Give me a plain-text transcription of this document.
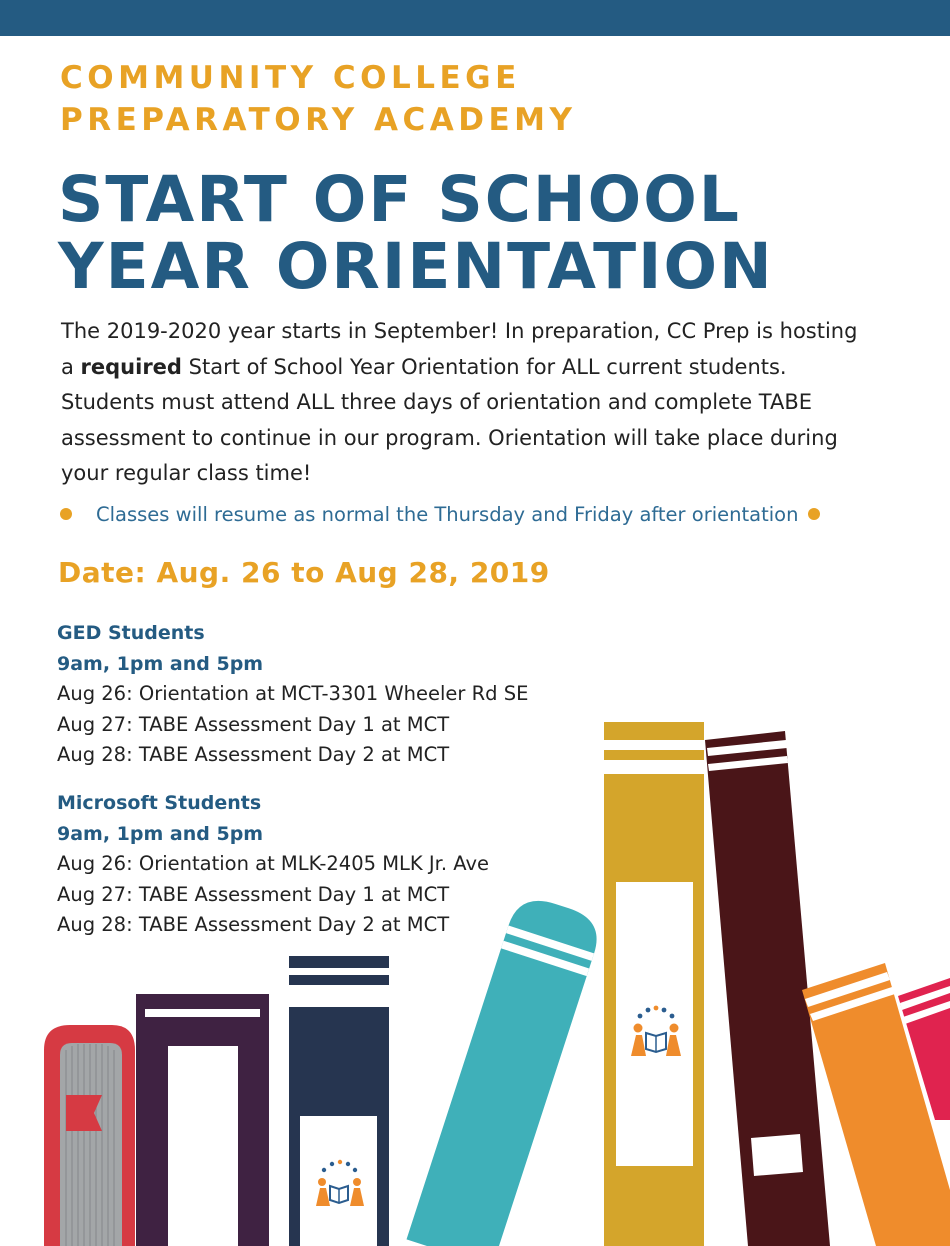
COMMUNITY COLLEGE
PREPARATORY ACADEMY
START OF SCHOOL
YEAR ORIENTATION

The 2019-2020 year starts in September! In preparation, CC Prep is hosting a required Start of School Year Orientation for ALL current students. Students must attend ALL three days of orientation and complete TABE assessment to continue in our program. Orientation will take place during your regular class time!

Classes will resume as normal the Thursday and Friday after orientation
Date: Aug. 26 to Aug 28, 2019
GED Students
9am, 1pm and 5pm
Aug 26: Orientation at MCT-3301 Wheeler Rd SE
Aug 27: TABE Assessment Day 1 at MCT
Aug 28: TABE Assessment Day 2 at MCT
Microsoft Students
9am, 1pm and 5pm
Aug 26: Orientation at MLK-2405 MLK Jr. Ave
Aug 27: TABE Assessment Day 1 at MCT
Aug 28: TABE Assessment Day 2 at MCT
